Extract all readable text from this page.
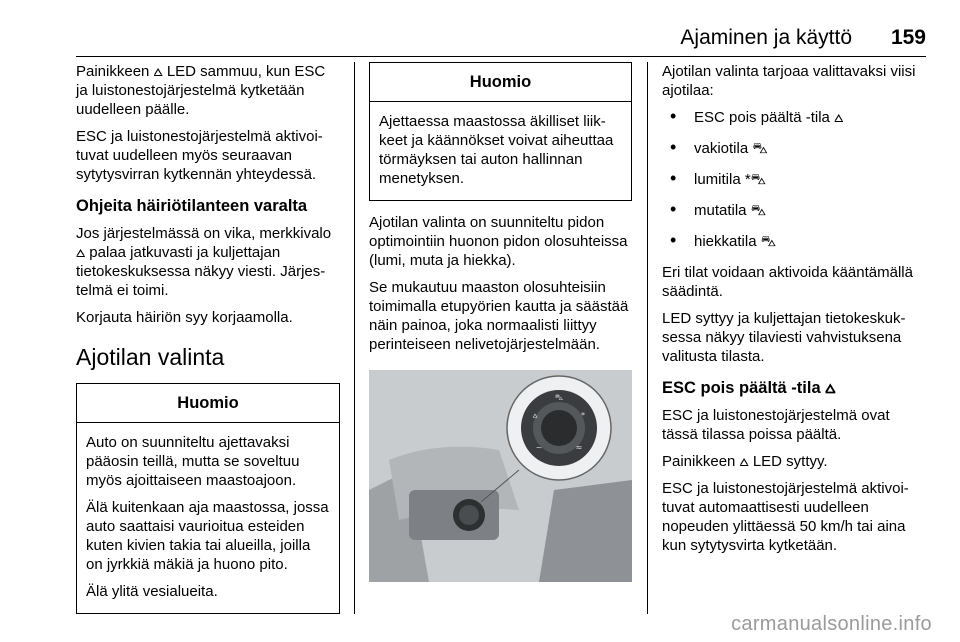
Ajaminen ja käyttö 159

Painikkeen ⩟ LED sammuu, kun ESC ja luistonestojärjestelmä kytketään uudelleen päälle.

ESC ja luistonestojärjestelmä aktivoituvat uudelleen myös seuraavan sytytysvirran kytkennän yhteydessä.

Ohjeita häiriötilanteen varalta

Jos järjestelmässä on vika, merkkivalo ⩟ palaa jatkuvasti ja kuljettajan tietokeskuksessa näkyy viesti. Järjestelmä ei toimi.

Korjauta häiriön syy korjaamolla.

Ajotilan valinta
Huomio

Auto on suunniteltu ajettavaksi pääosin teillä, mutta se soveltuu myös ajoittaiseen maastoajoon.

Älä kuitenkaan aja maastossa, jossa auto saattaisi vaurioitua esteiden kuten kivien takia tai alueilla, joilla on jyrkkiä mäkiä ja huono pito.

Älä ylitä vesialueita.

Huomio

Ajettaessa maastossa äkilliset liikkeet ja käännökset voivat aiheuttaa törmäyksen tai auton hallinnan menetyksen.

Ajotilan valinta on suunniteltu pidon optimointiin huonon pidon olosuhteissa (lumi, muta ja hiekka).

Se mukautuu maaston olosuhteisiin toimimalla etupyörien kautta ja säästää näin painoa, joka normaalisti liittyy perinteiseen nelivetojärjestelmään.

⛍
⩟	*
~	≈

Ajotilan valinta tarjoaa valittavaksi viisi ajotilaa:

• ESC pois päältä -tila ⩟
• vakiotila ⛍
• lumitila *⛍
• mutatila ⛍
• hiekkatila ⛍

Eri tilat voidaan aktivoida kääntämällä säädintä.

LED syttyy ja kuljettajan tietokeskuksessa näkyy tilaviesti vahvistuksena valitusta tilasta.

ESC pois päältä -tila ⩟

ESC ja luistonestojärjestelmä ovat tässä tilassa poissa päältä.

Painikkeen ⩟ LED syttyy.

ESC ja luistonestojärjestelmä aktivoituvat automaattisesti uudelleen nopeuden ylittäessä 50 km/h tai aina kun sytytysvirta kytketään.

carmanualsonline.info
